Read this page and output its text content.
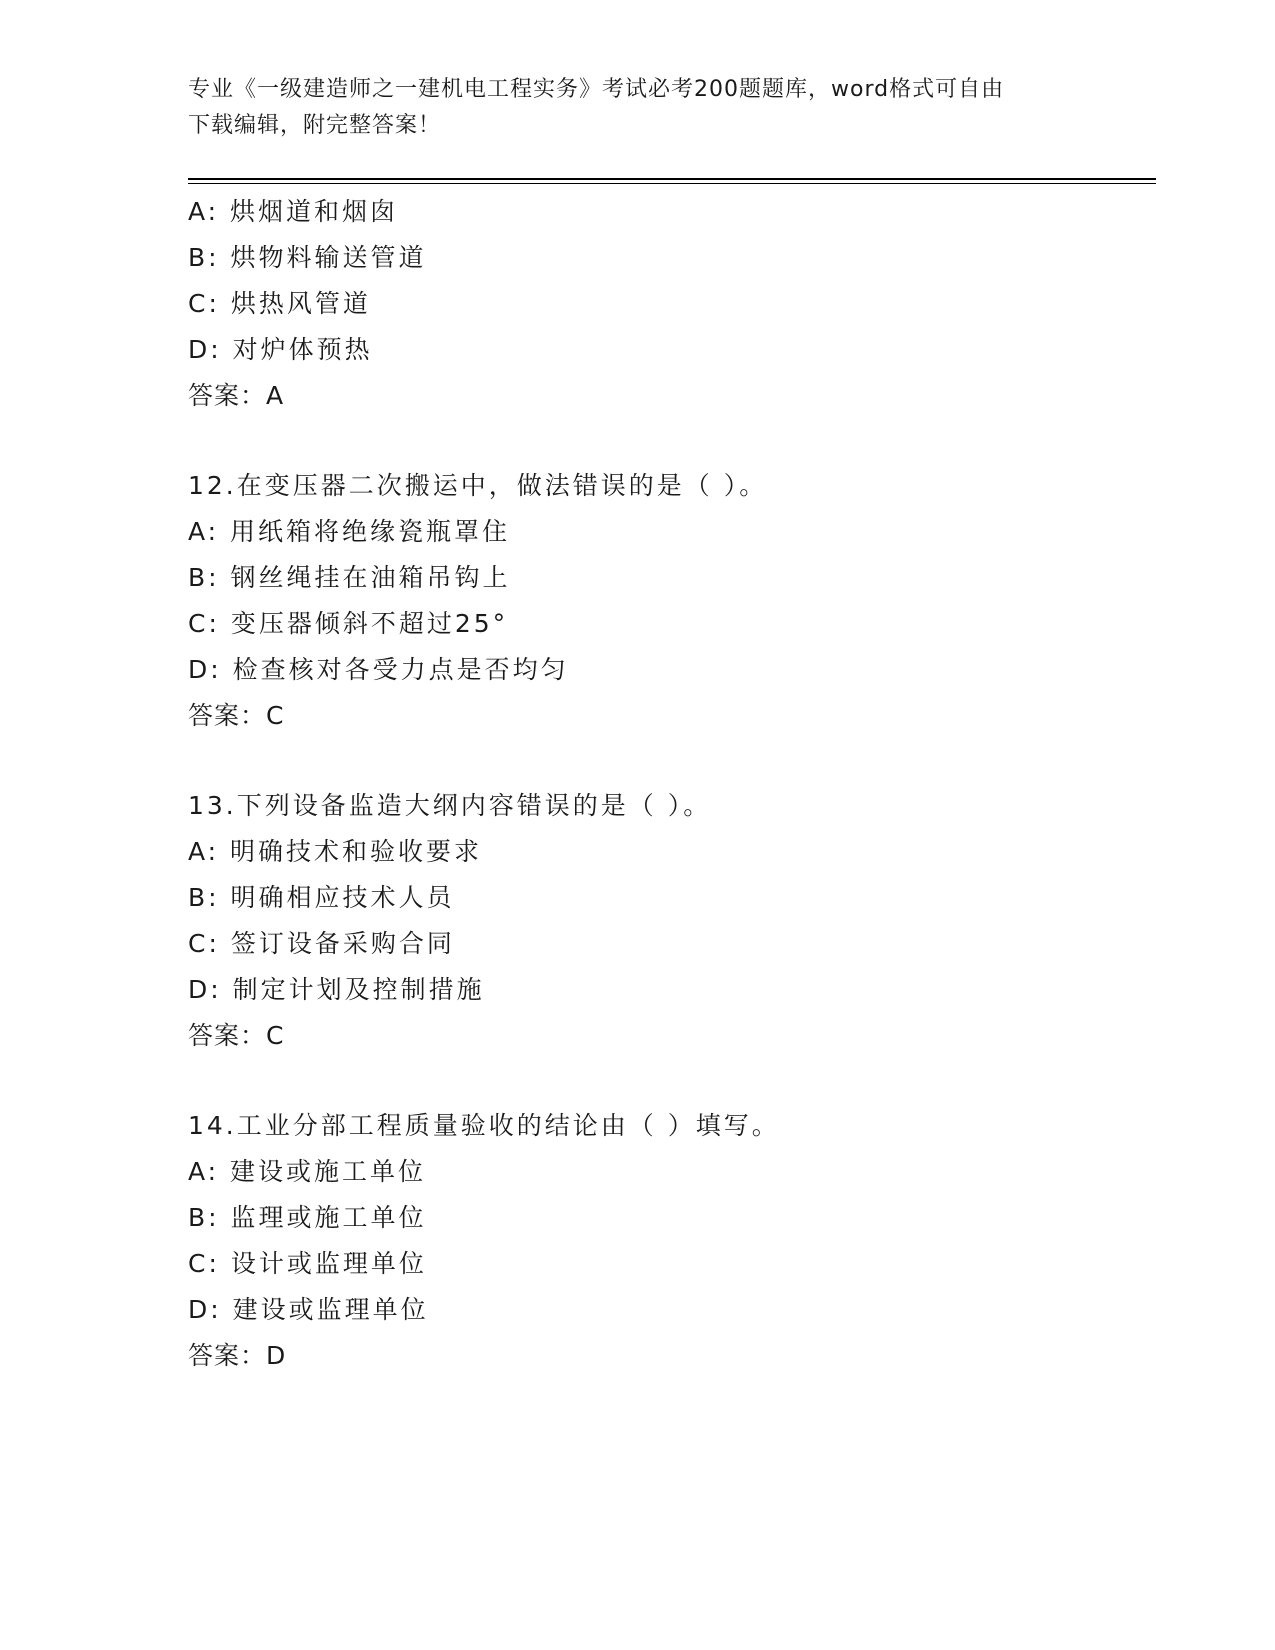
专业《一级建造师之一建机电工程实务》考试必考200题题库，word格式可自由
下载编辑，附完整答案！
A: 烘烟道和烟囱
B: 烘物料输送管道
C: 烘热风管道
D: 对炉体预热
答案：A
12.在变压器二次搬运中，做法错误的是（ ）。
A: 用纸箱将绝缘瓷瓶罩住
B: 钢丝绳挂在油箱吊钩上
C: 变压器倾斜不超过25°
D: 检查核对各受力点是否均匀
答案：C
13.下列设备监造大纲内容错误的是（ ）。
A: 明确技术和验收要求
B: 明确相应技术人员
C: 签订设备采购合同
D: 制定计划及控制措施
答案：C
14.工业分部工程质量验收的结论由（ ）填写。
A: 建设或施工单位
B: 监理或施工单位
C: 设计或监理单位
D: 建设或监理单位
答案：D
